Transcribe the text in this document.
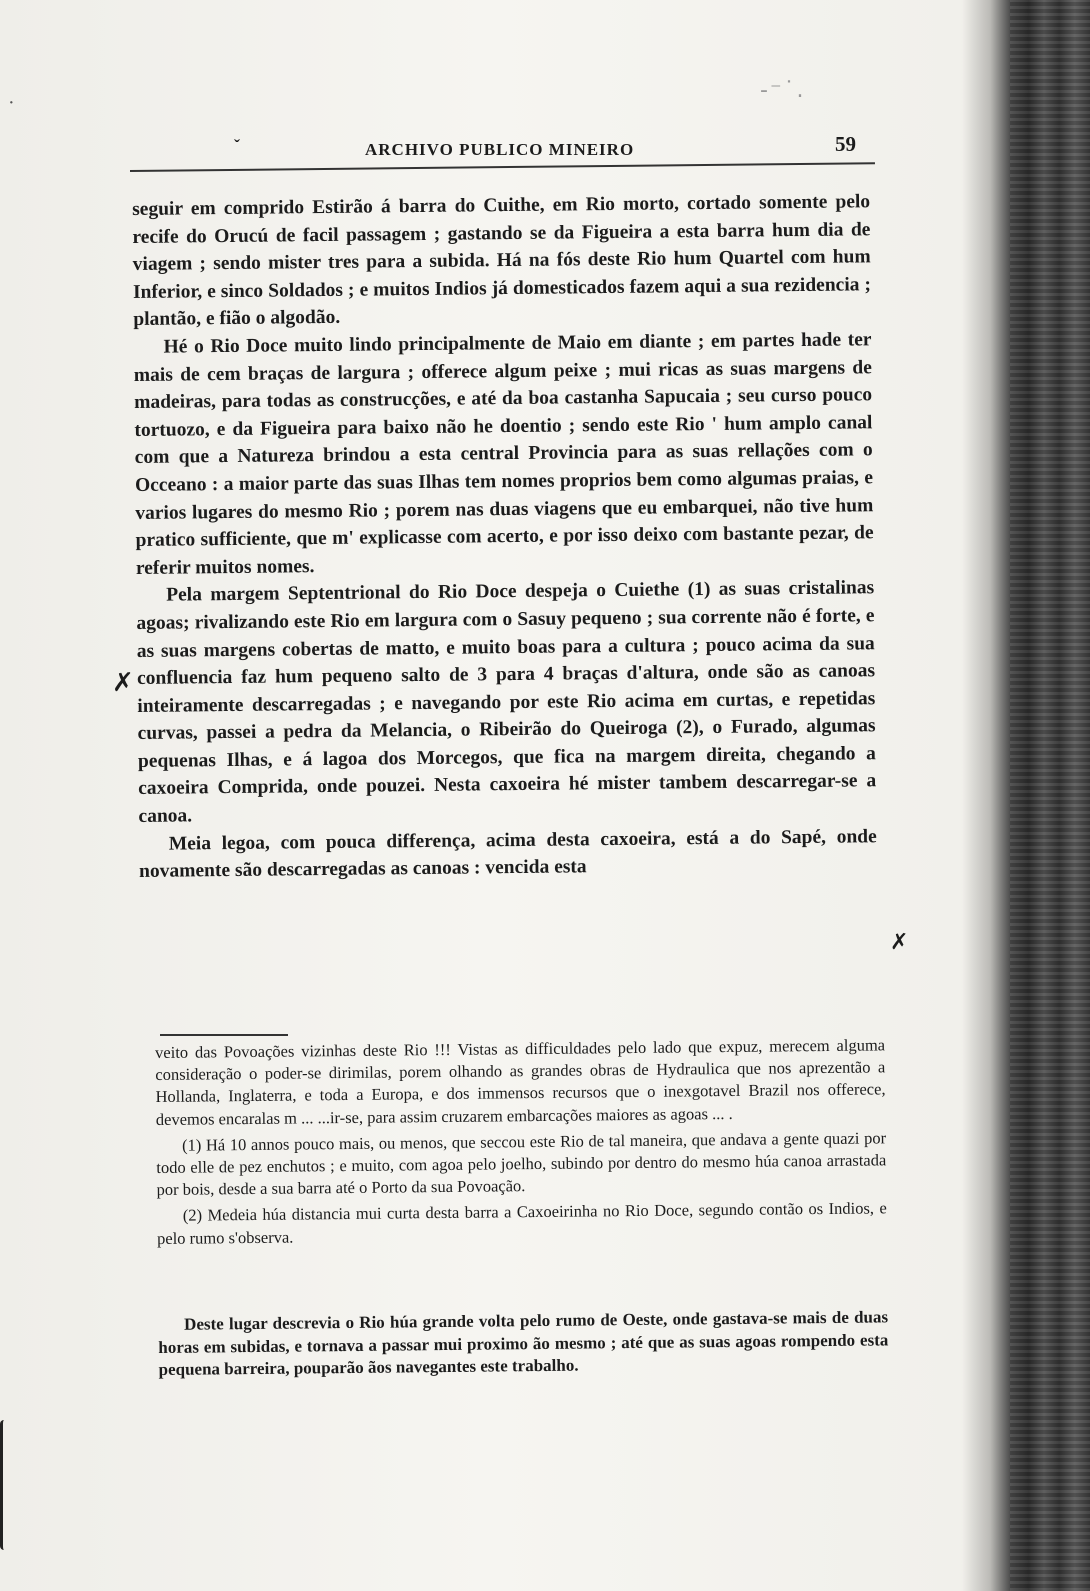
-⁻˙.
·
ˇ	ARCHIVO PUBLICO MINEIRO	59

seguir em comprido Estirão á barra do Cuithe, em Rio morto, cortado somente pelo recife do Orucú de facil passagem ; gastando se da Figueira a esta barra hum dia de viagem ; sendo mister tres para a subida. Há na fós deste Rio hum Quartel com hum Inferior, e sinco Soldados ; e muitos Indios já domesticados fazem aqui a sua rezidencia ; plantão, e fião o algodão.

Hé o Rio Doce muito lindo principalmente de Maio em diante ; em partes hade ter mais de cem braças de largura ; offerece algum peixe ; mui ricas as suas margens de madeiras, para todas as construcções, e até da boa castanha Sapucaia ; seu curso pouco tortuozo, e da Figueira para baixo não he doentio ; sendo este Rio ' hum amplo canal com que a Natureza brindou a esta central Provincia para as suas rellações com o Occeano : a maior parte das suas Ilhas tem nomes proprios bem como algumas praias, e varios lugares do mesmo Rio ; porem nas duas viagens que eu embarquei, não tive hum pratico sufficiente, que m' explicasse com acerto, e por isso deixo com bastante pezar, de referir muitos nomes.

Pela margem Septentrional do Rio Doce despeja o Cuiethe (1) as suas cristalinas agoas; rivalizando este Rio em largura com o Sasuy pequeno ; sua corrente não é forte, e as suas margens cobertas de matto, e muito boas para a cultura ; pouco acima da sua confluencia faz hum pequeno salto de 3 para 4 braças d'altura, onde são as canoas inteiramente descarregadas ; e navegando por este Rio acima em curtas, e repetidas curvas, passei a pedra da Melancia, o Ribeirão do Queiroga (2), o Furado, algumas pequenas Ilhas, e á lagoa dos Morcegos, que fica na margem direita, chegando a caxoeira Comprida, onde pouzei. Nesta caxoeira hé mister tambem descarregar-se a canoa.

Meia legoa, com pouca differença, acima desta caxoeira, está a do Sapé, onde novamente são descarregadas as canoas : vencida esta

✗
✗

veito das Povoações vizinhas deste Rio !!! Vistas as difficuldades pelo lado que expuz, merecem alguma consideração o poder-se dirimilas, porem olhando as grandes obras de Hydraulica que nos aprezentão a Hollanda, Inglaterra, e toda a Europa, e dos immensos recursos que o inexgotavel Brazil nos offerece, devemos encaralas m ... ...ir-se, para assim cruzarem embarcações maiores as agoas ... .

(1) Há 10 annos pouco mais, ou menos, que seccou este Rio de tal maneira, que andava a gente quazi por todo elle de pez enchutos ; e muito, com agoa pelo joelho, subindo por dentro do mesmo húa canoa arrastada por bois, desde a sua barra até o Porto da sua Povoação.

(2) Medeia húa distancia mui curta desta barra a Caxoeirinha no Rio Doce, segundo contão os Indios, e pelo rumo s'observa.

Deste lugar descrevia o Rio húa grande volta pelo rumo de Oeste, onde gastava-se mais de duas horas em subidas, e tornava a passar mui proximo ão mesmo ; até que as suas agoas rompendo esta pequena barreira, pouparão ãos navegantes este trabalho.
